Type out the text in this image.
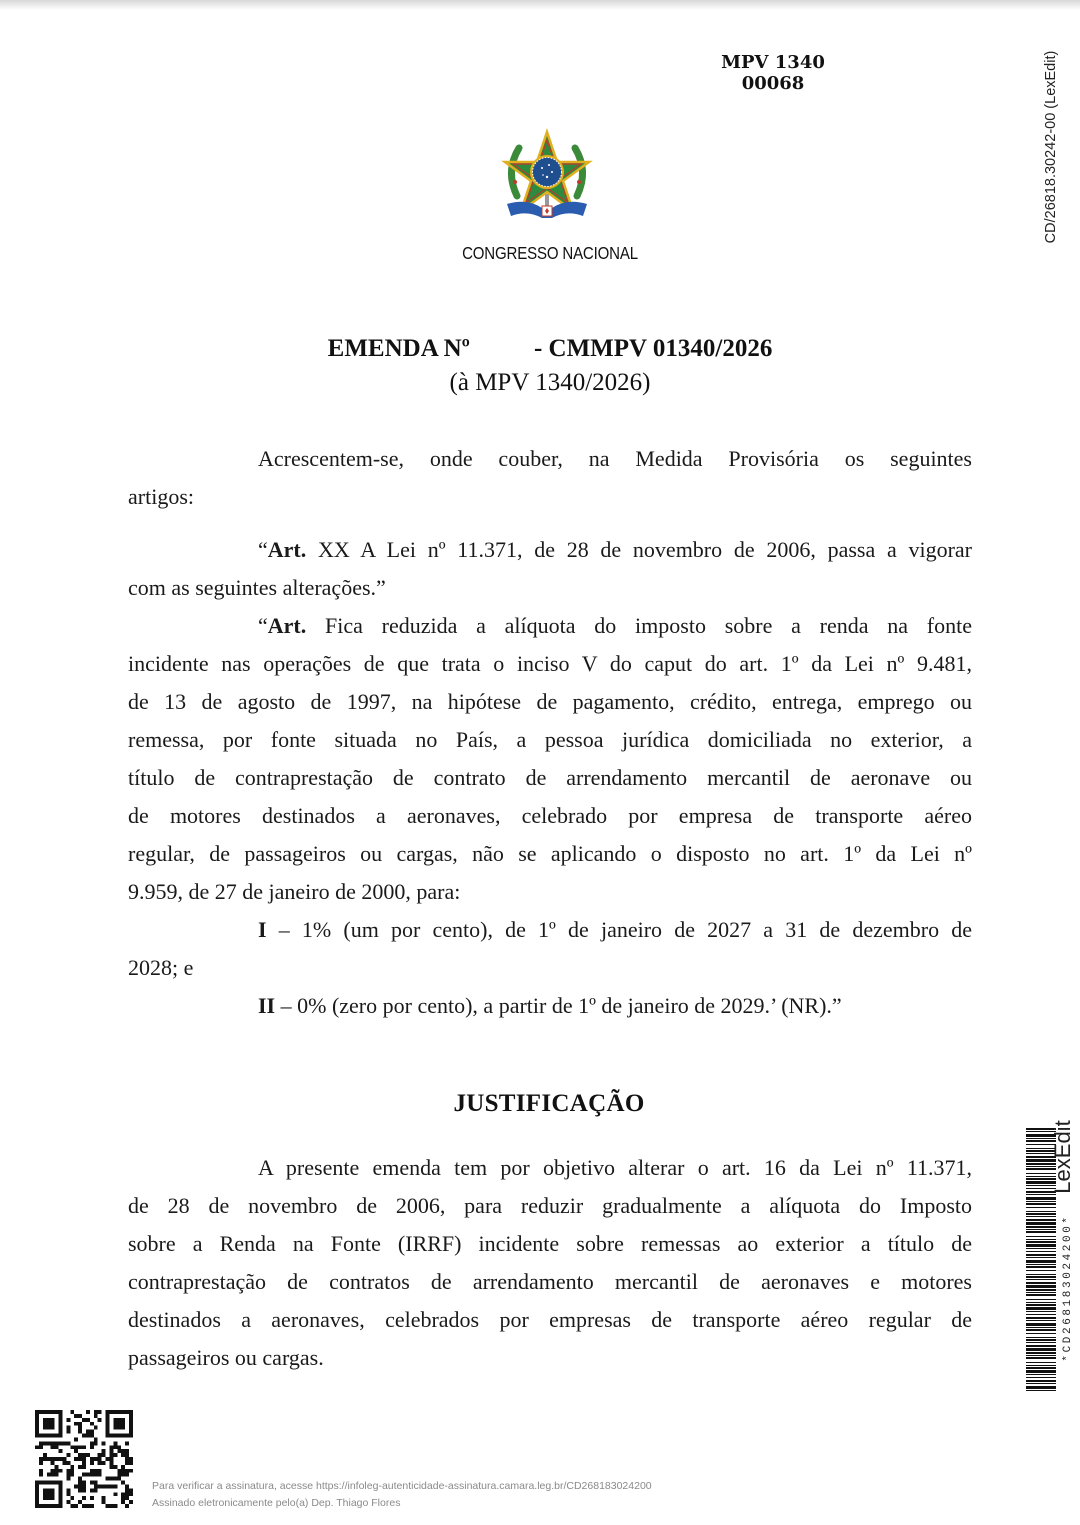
MPV 1340
00068	CD/26818.30242-00 (LexEdit)
CONGRESSO NACIONAL
EMENDA Nº	- CMMPV 01340/2026
(à MPV 1340/2026)
Acrescentem-se, onde couber, na Medida Provisória os seguintes
artigos:
“Art. XX A Lei nº 11.371, de 28 de novembro de 2006, passa a vigorar
com as seguintes alterações.”
“Art. Fica reduzida a alíquota do imposto sobre a renda na fonte
incidente nas operações de que trata o inciso V do caput do art. 1º da Lei nº 9.481,
de 13 de agosto de 1997, na hipótese de pagamento, crédito, entrega, emprego ou
remessa, por fonte situada no País, a pessoa jurídica domiciliada no exterior, a
título de contraprestação de contrato de arrendamento mercantil de aeronave ou
de motores destinados a aeronaves, celebrado por empresa de transporte aéreo
regular, de passageiros ou cargas, não se aplicando o disposto no art. 1º da Lei nº
9.959, de 27 de janeiro de 2000, para:
I – 1% (um por cento), de 1º de janeiro de 2027 a 31 de dezembro de
2028; e
II – 0% (zero por cento), a partir de 1º de janeiro de 2029.’ (NR).”
JUSTIFICAÇÃO
A presente emenda tem por objetivo alterar o art. 16 da Lei nº 11.371,
de 28 de novembro de 2006, para reduzir gradualmente a alíquota do Imposto
sobre a Renda na Fonte (IRRF) incidente sobre remessas ao exterior a título de
contraprestação de contratos de arrendamento mercantil de aeronaves e motores
destinados a aeronaves, celebrados por empresas de transporte aéreo regular de
passageiros ou cargas.
LexEdit
*CD268183024200*
Para verificar a assinatura, acesse https://infoleg-autenticidade-assinatura.camara.leg.br/CD268183024200
Assinado eletronicamente pelo(a) Dep. Thiago Flores
